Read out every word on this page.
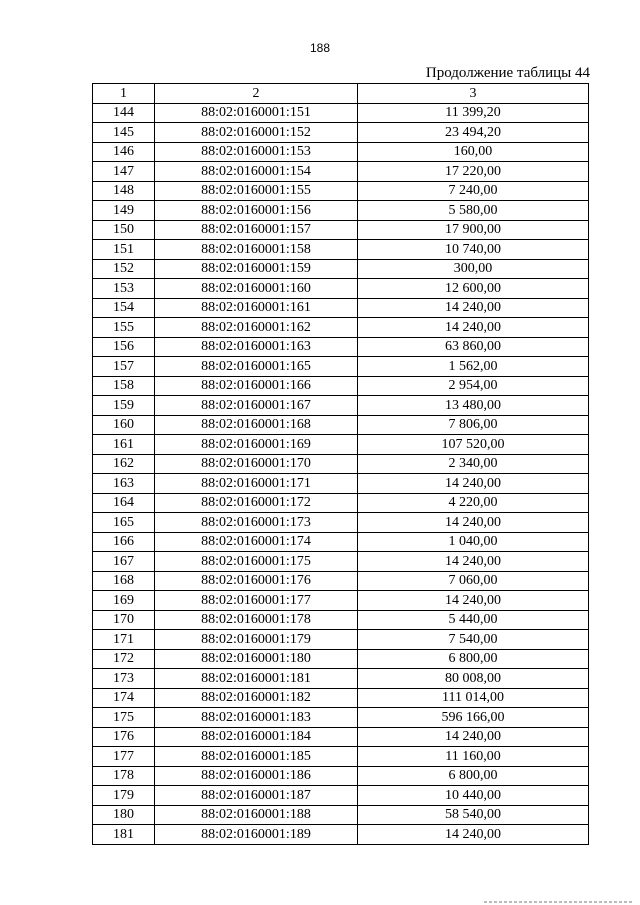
188
Продолжение таблицы 44
1	2	3
144	88:02:0160001:151	11 399,20
145	88:02:0160001:152	23 494,20
146	88:02:0160001:153	160,00
147	88:02:0160001:154	17 220,00
148	88:02:0160001:155	7 240,00
149	88:02:0160001:156	5 580,00
150	88:02:0160001:157	17 900,00
151	88:02:0160001:158	10 740,00
152	88:02:0160001:159	300,00
153	88:02:0160001:160	12 600,00
154	88:02:0160001:161	14 240,00
155	88:02:0160001:162	14 240,00
156	88:02:0160001:163	63 860,00
157	88:02:0160001:165	1 562,00
158	88:02:0160001:166	2 954,00
159	88:02:0160001:167	13 480,00
160	88:02:0160001:168	7 806,00
161	88:02:0160001:169	107 520,00
162	88:02:0160001:170	2 340,00
163	88:02:0160001:171	14 240,00
164	88:02:0160001:172	4 220,00
165	88:02:0160001:173	14 240,00
166	88:02:0160001:174	1 040,00
167	88:02:0160001:175	14 240,00
168	88:02:0160001:176	7 060,00
169	88:02:0160001:177	14 240,00
170	88:02:0160001:178	5 440,00
171	88:02:0160001:179	7 540,00
172	88:02:0160001:180	6 800,00
173	88:02:0160001:181	80 008,00
174	88:02:0160001:182	111 014,00
175	88:02:0160001:183	596 166,00
176	88:02:0160001:184	14 240,00
177	88:02:0160001:185	11 160,00
178	88:02:0160001:186	6 800,00
179	88:02:0160001:187	10 440,00
180	88:02:0160001:188	58 540,00
181	88:02:0160001:189	14 240,00
